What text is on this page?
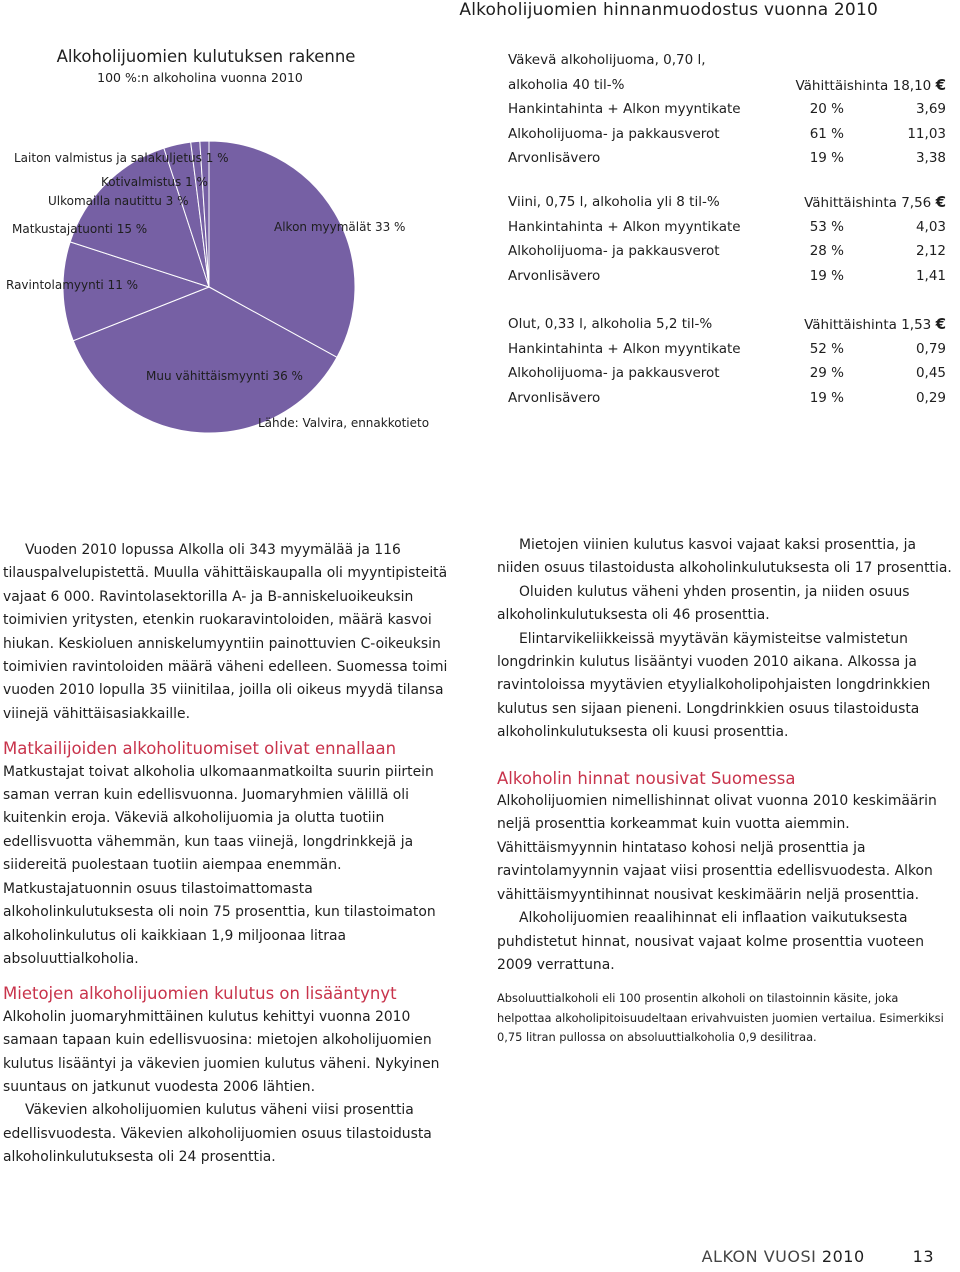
Alkoholijuomien hinnanmuodostus vuonna 2010
Alkoholijuomien kulutuksen rakenne
100 %:n alkoholina vuonna 2010
Alkon myymälät 33 %
Muu vähittäismyynti 36 %
Ravintolamyynti 11 %
Matkustajatuonti 15 %
Ulkomailla nautittu 3 %
Kotivalmistus 1 %
Laiton valmistus ja salakuljetus 1 %
Lähde: Valvira, ennakkotieto
Väkevä alkoholijuoma, 0,70 l,
alkoholia 40 til-%	Vähittäishinta 18,10 €
Hankintahinta + Alkon myyntikate	20 %	3,69
Alkoholijuoma- ja pakkausverot	61 %	11,03
Arvonlisävero	19 %	3,38
Viini, 0,75 l, alkoholia yli 8 til-%	Vähittäishinta 7,56 €
Hankintahinta + Alkon myyntikate	53 %	4,03
Alkoholijuoma- ja pakkausverot	28 %	2,12
Arvonlisävero	19 %	1,41
Olut, 0,33 l, alkoholia 5,2 til-%	Vähittäishinta 1,53 €
Hankintahinta + Alkon myyntikate	52 %	0,79
Alkoholijuoma- ja pakkausverot	29 %	0,45
Arvonlisävero	19 %	0,29

Vuoden 2010 lopussa Alkolla oli 343 myymälää ja 116 tilauspalvelupistettä. Muulla vähittäiskaupalla oli myyntipisteitä vajaat 6 000. Ravintolasektorilla A- ja B-anniskeluoikeuksin toimivien yritysten, etenkin ruokaravintoloiden, määrä kasvoi hiukan. Keskioluen anniskelumyyntiin painottuvien C-oikeuksin toimivien ravintoloiden määrä väheni edelleen. Suomessa toimi vuoden 2010 lopulla 35 viinitilaa, joilla oli oikeus myydä tilansa viinejä vähittäisasiakkaille.

Matkailijoiden alkoholituomiset olivat ennallaan

Matkustajat toivat alkoholia ulkomaanmatkoilta suurin piirtein saman verran kuin edellisvuonna. Juomaryhmien välillä oli kuitenkin eroja. Väkeviä alkoholijuomia ja olutta tuotiin edellisvuotta vähemmän, kun taas viinejä, longdrinkkejä ja siidereitä puolestaan tuotiin aiempaa enemmän. Matkustajatuonnin osuus tilastoimattomasta alkoholinkulutuksesta oli noin 75 prosenttia, kun tilastoimaton alkoholinkulutus oli kaikkiaan 1,9 miljoonaa litraa absoluuttialkoholia.

Mietojen alkoholijuomien kulutus on lisääntynyt

Alkoholin juomaryhmittäinen kulutus kehittyi vuonna 2010 samaan tapaan kuin edellisvuosina: mietojen alkoholijuomien kulutus lisääntyi ja väkevien juomien kulutus väheni. Nykyinen suuntaus on jatkunut vuodesta 2006 lähtien.

Väkevien alkoholijuomien kulutus väheni viisi prosenttia edellisvuodesta. Väkevien alkoholijuomien osuus tilastoidusta alkoholinkulutuksesta oli 24 prosenttia.

Mietojen viinien kulutus kasvoi vajaat kaksi prosenttia, ja niiden osuus tilastoidusta alkoholinkulutuksesta oli 17 prosenttia.

Oluiden kulutus väheni yhden prosentin, ja niiden osuus alkoholinkulutuksesta oli 46 prosenttia.

Elintarvikeliikkeissä myytävän käymisteitse valmistetun longdrinkin kulutus lisääntyi vuoden 2010 aikana. Alkossa ja ravintoloissa myytävien etyylialkoholipohjaisten longdrinkkien kulutus sen sijaan pieneni. Longdrinkkien osuus tilastoidusta alkoholinkulutuksesta oli kuusi prosenttia.

Alkoholin hinnat nousivat Suomessa

Alkoholijuomien nimellishinnat olivat vuonna 2010 keskimäärin neljä prosenttia korkeammat kuin vuotta aiemmin. Vähittäismyynnin hintataso kohosi neljä prosenttia ja ravintolamyynnin vajaat viisi prosenttia edellisvuodesta. Alkon vähittäismyyntihinnat nousivat keskimäärin neljä prosenttia.

Alkoholijuomien reaalihinnat eli inflaation vaikutuksesta puhdistetut hinnat, nousivat vajaat kolme prosenttia vuoteen 2009 verrattuna.

Absoluuttialkoholi eli 100 prosentin alkoholi on tilastoinnin käsite, joka helpottaa alkoholipitoisuudeltaan erivahvuisten juomien vertailua. Esimerkiksi 0,75 litran pullossa on absoluuttialkoholia 0,9 desilitraa.

ALKON VUOSI 2010	13
